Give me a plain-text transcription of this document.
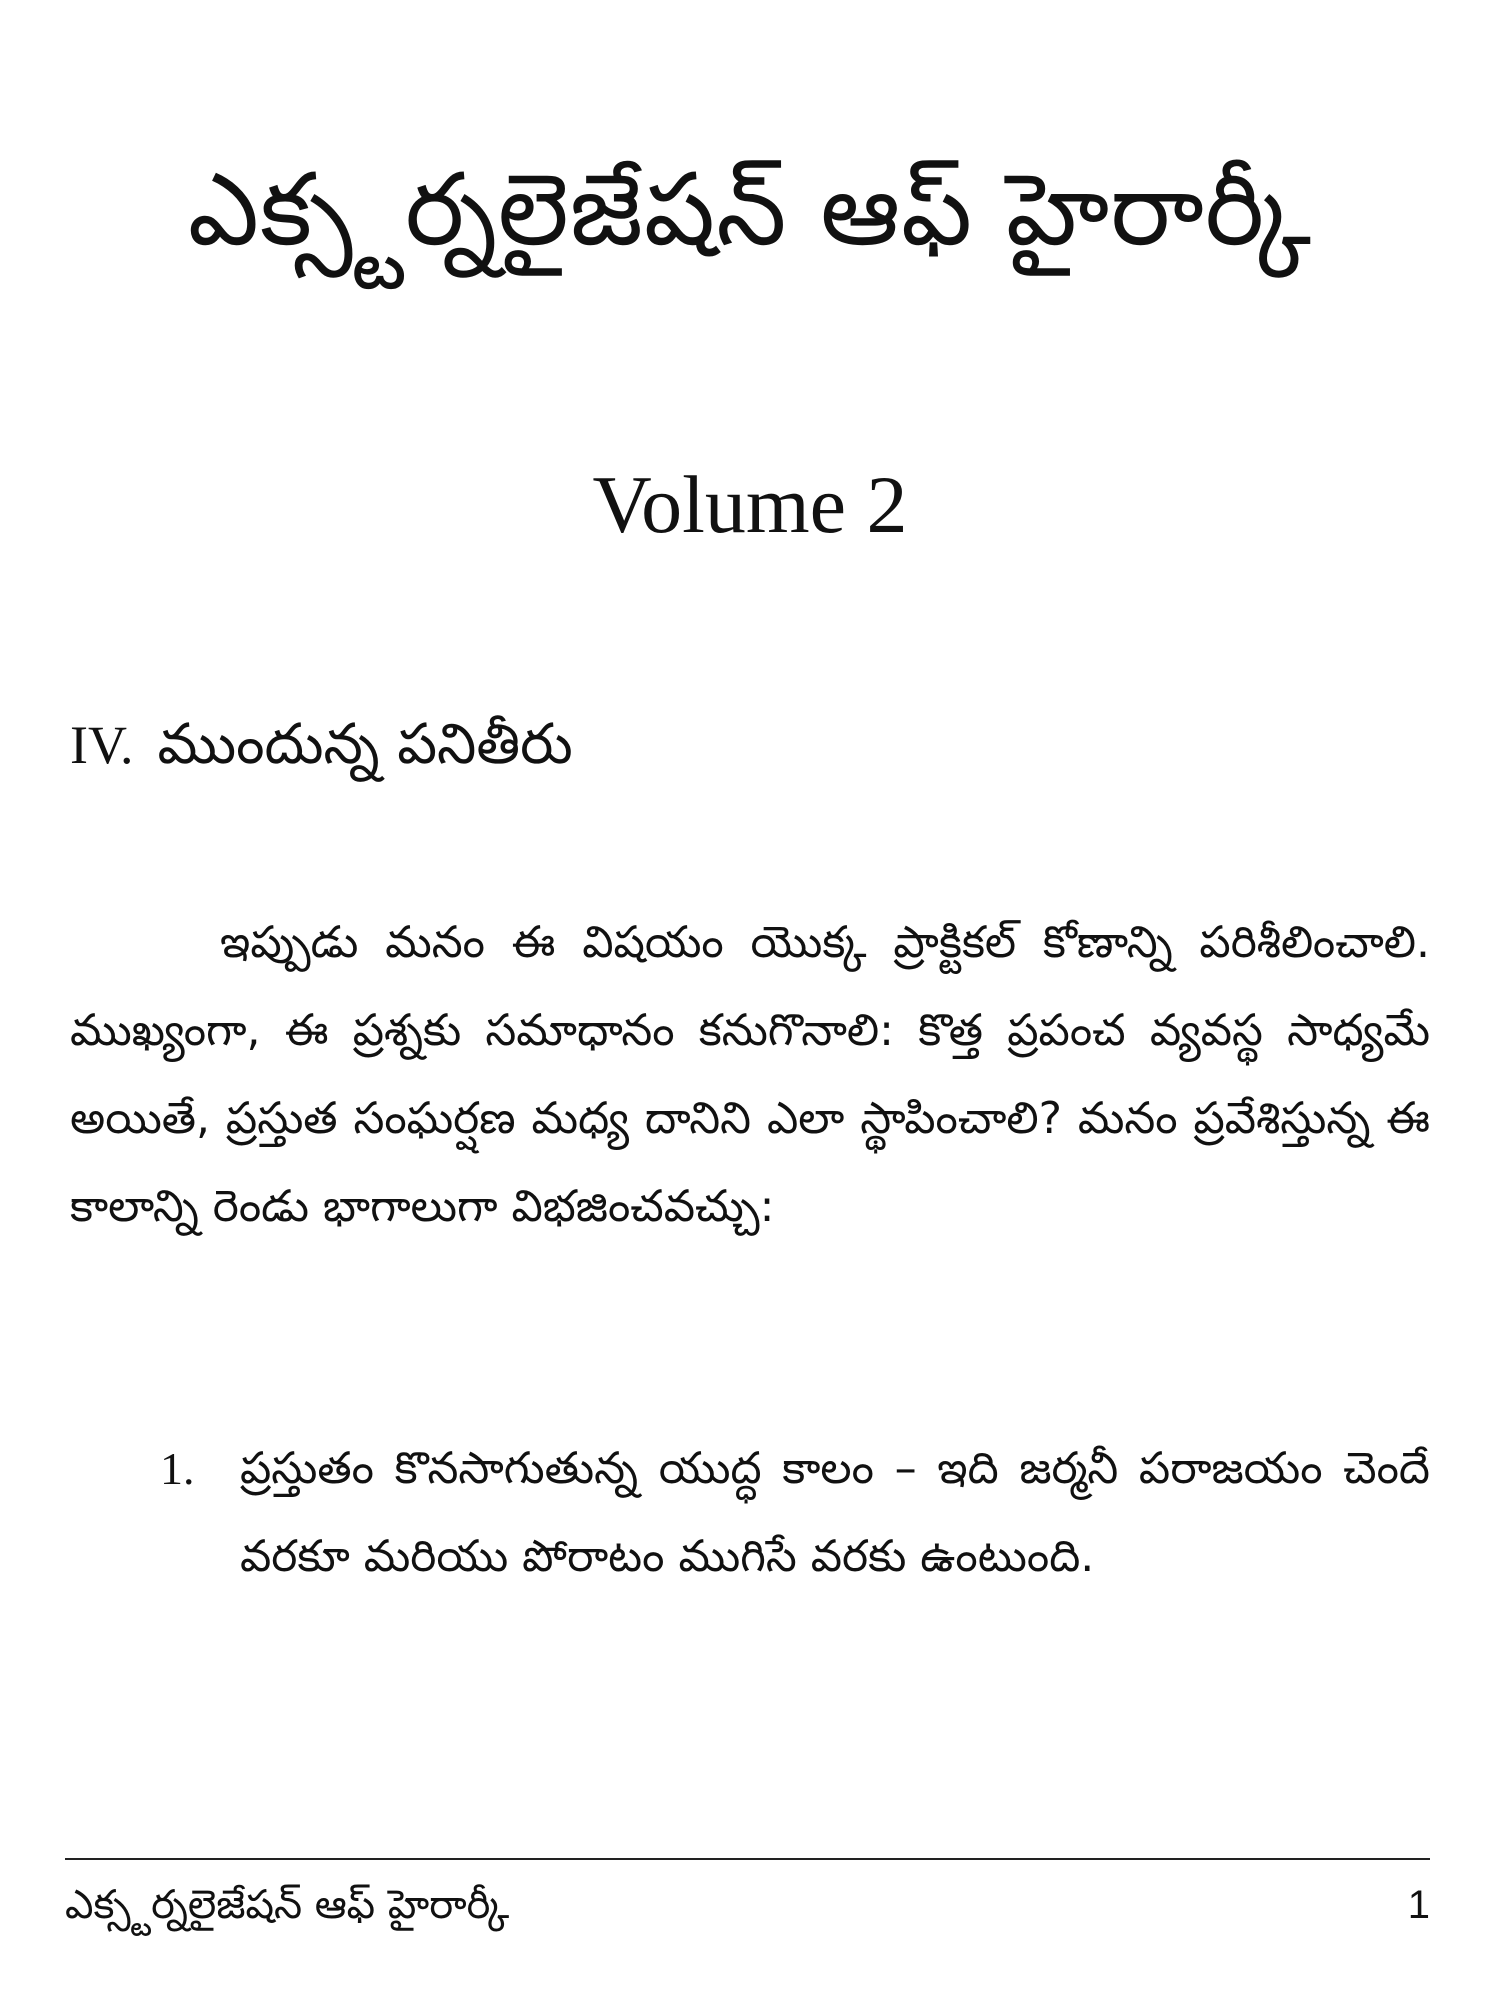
ఎక్స్టర్నలైజేషన్ ఆఫ్ హైరార్కీ
Volume 2
IV. ముందున్న పనితీరు

ఇప్పుడు మనం ఈ విషయం యొక్క ప్రాక్టికల్ కోణాన్ని పరిశీలించాలి. ముఖ్యంగా, ఈ ప్రశ్నకు సమాధానం కనుగొనాలి: కొత్త ప్రపంచ వ్యవస్థ సాధ్యమే అయితే, ప్రస్తుత సంఘర్షణ మధ్య దానిని ఎలా స్థాపించాలి? మనం ప్రవేశిస్తున్న ఈ కాలాన్ని రెండు భాగాలుగా విభజించవచ్చు:

1. ప్రస్తుతం కొనసాగుతున్న యుద్ధ కాలం – ఇది జర్మనీ పరాజయం చెందే వరకూ మరియు పోరాటం ముగిసే వరకు ఉంటుంది.
ఎక్స్టర్నలైజేషన్ ఆఫ్ హైరార్కీ	1
